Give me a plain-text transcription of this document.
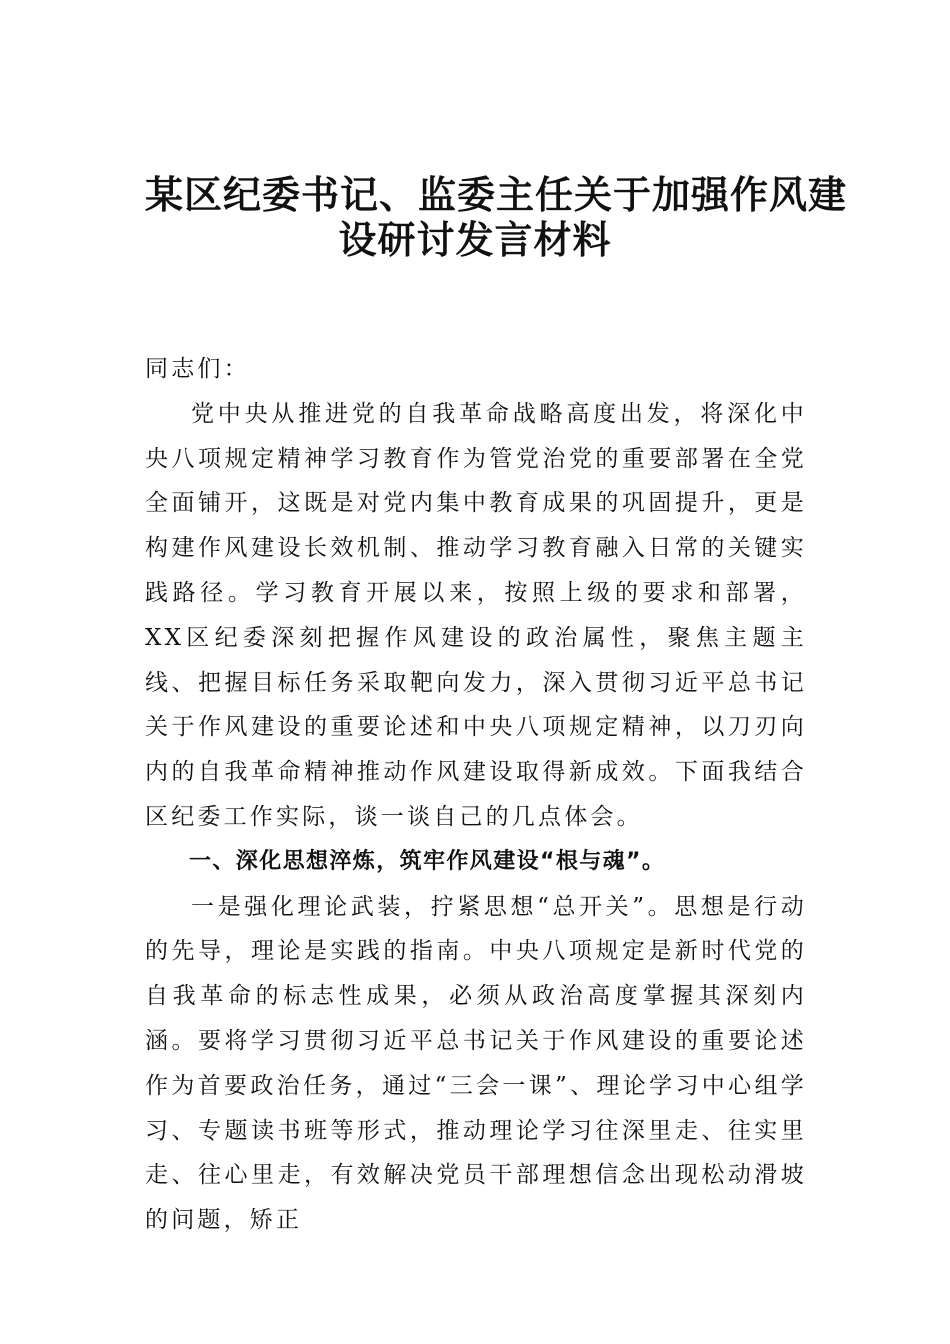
某区纪委书记、监委主任关于加强作风建
设研讨发言材料

同志们：

党中央从推进党的自我革命战略高度出发，将深化中央八项规定精神学习教育作为管党治党的重要部署在全党全面铺开，这既是对党内集中教育成果的巩固提升，更是构建作风建设长效机制、推动学习教育融入日常的关键实践路径。学习教育开展以来，按照上级的要求和部署，XX区纪委深刻把握作风建设的政治属性，聚焦主题主线、把握目标任务采取靶向发力，深入贯彻习近平总书记关于作风建设的重要论述和中央八项规定精神，以刀刃向内的自我革命精神推动作风建设取得新成效。下面我结合区纪委工作实际，谈一谈自己的几点体会。

一、深化思想淬炼，筑牢作风建设“根与魂”。

一是强化理论武装，拧紧思想“总开关”。思想是行动的先导，理论是实践的指南。中央八项规定是新时代党的自我革命的标志性成果，必须从政治高度掌握其深刻内涵。要将学习贯彻习近平总书记关于作风建设的重要论述作为首要政治任务，通过“三会一课”、理论学习中心组学习、专题读书班等形式，推动理论学习往深里走、往实里走、往心里走，有效解决党员干部理想信念出现松动滑坡的问题，矫正
